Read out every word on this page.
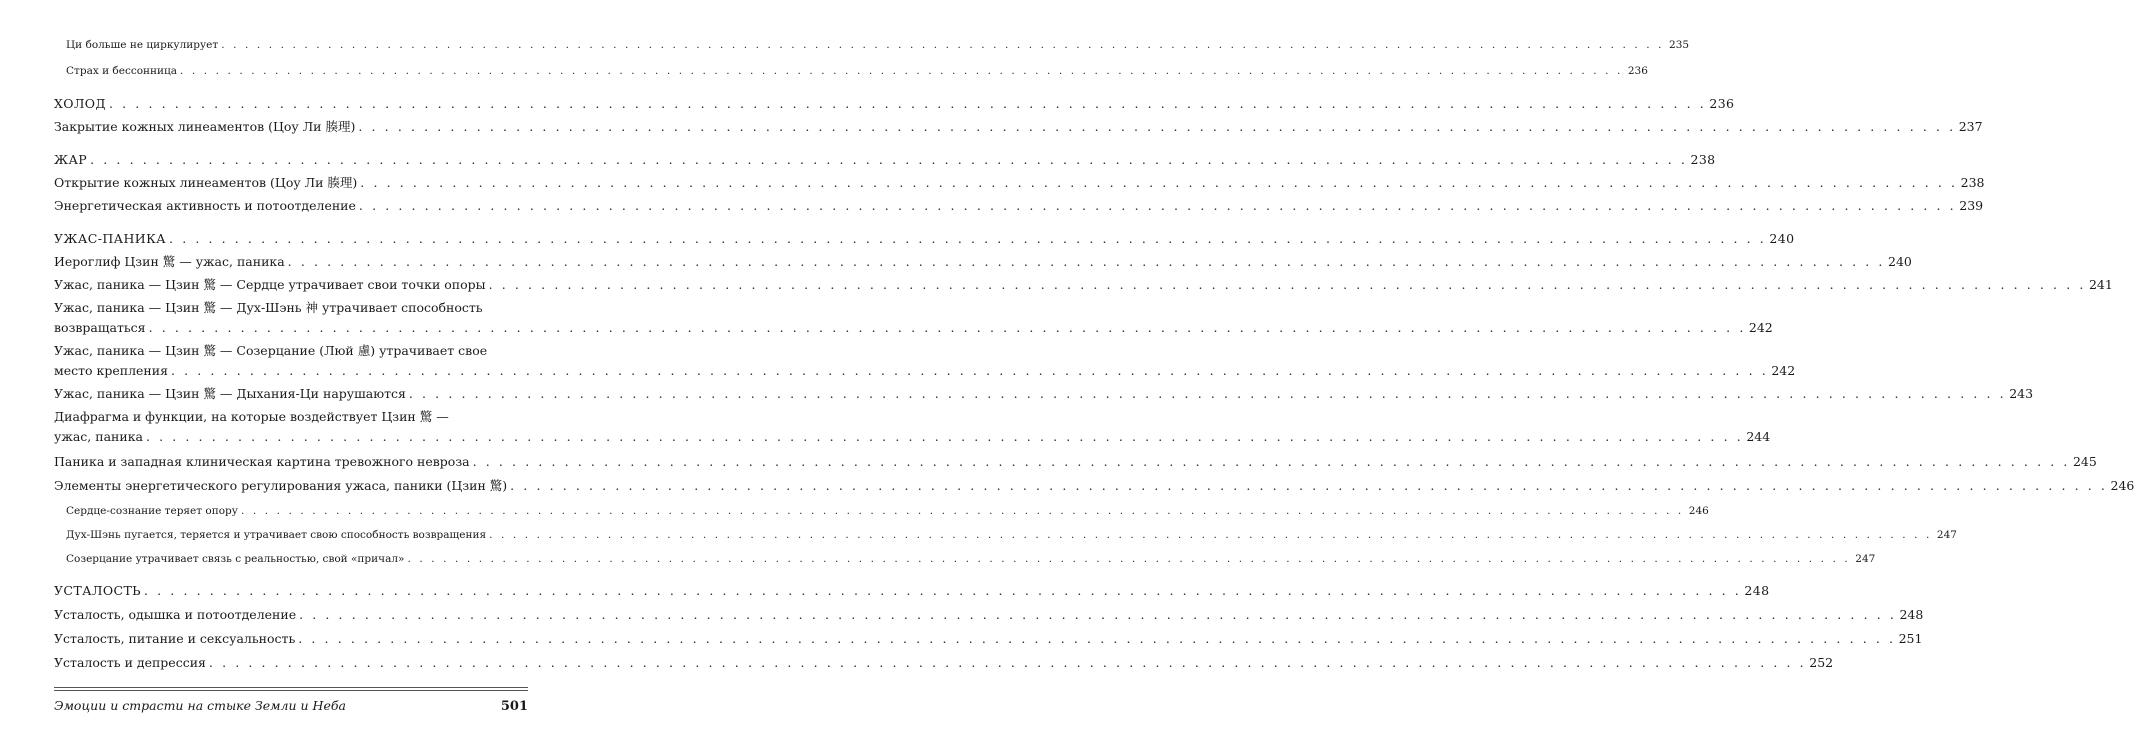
Ци больше не циркулирует . . .	235
Страх и бессонница . . .	236
ХОЛОД . . .	236
Закрытие кожных линеаментов (Цоу Ли 腠理) . . .	237
ЖАР . . .	238
Открытие кожных линеаментов (Цоу Ли 腠理) . . .	238
Энергетическая активность и потоотделение . . .	239
УЖАС-ПАНИКА . . .	240
Иероглиф Цзин 驚 — ужас, паника . . .	240
Ужас, паника — Цзин 驚 — Сердце утрачивает свои точки опоры . . .	241
Ужас, паника — Цзин 驚 — Дух-Шэнь 神 утрачивает способность
возвращаться . . .	242
Ужас, паника — Цзин 驚 — Созерцание (Люй 慮) утрачивает свое
место крепления . . .	242
Ужас, паника — Цзин 驚 — Дыхания-Ци нарушаются . . .	243
Диафрагма и функции, на которые воздействует Цзин 驚 —
ужас, паника . . .	244
Паника и западная клиническая картина тревожного невроза . . .	245
Элементы энергетического регулирования ужаса, паники (Цзин 驚) . . .	246
Сердце-сознание теряет опору . . .	246
Дух-Шэнь пугается, теряется и утрачивает свою способность возвращения . . .	247
Созерцание утрачивает связь с реальностью, свой «причал» . . .	247
УСТАЛОСТЬ . . .	248
Усталость, одышка и потоотделение . . .	248
Усталость, питание и сексуальность . . .	251
Усталость и депрессия . . .	252
Эмоции и страсти на стыке Земли и Неба	501
